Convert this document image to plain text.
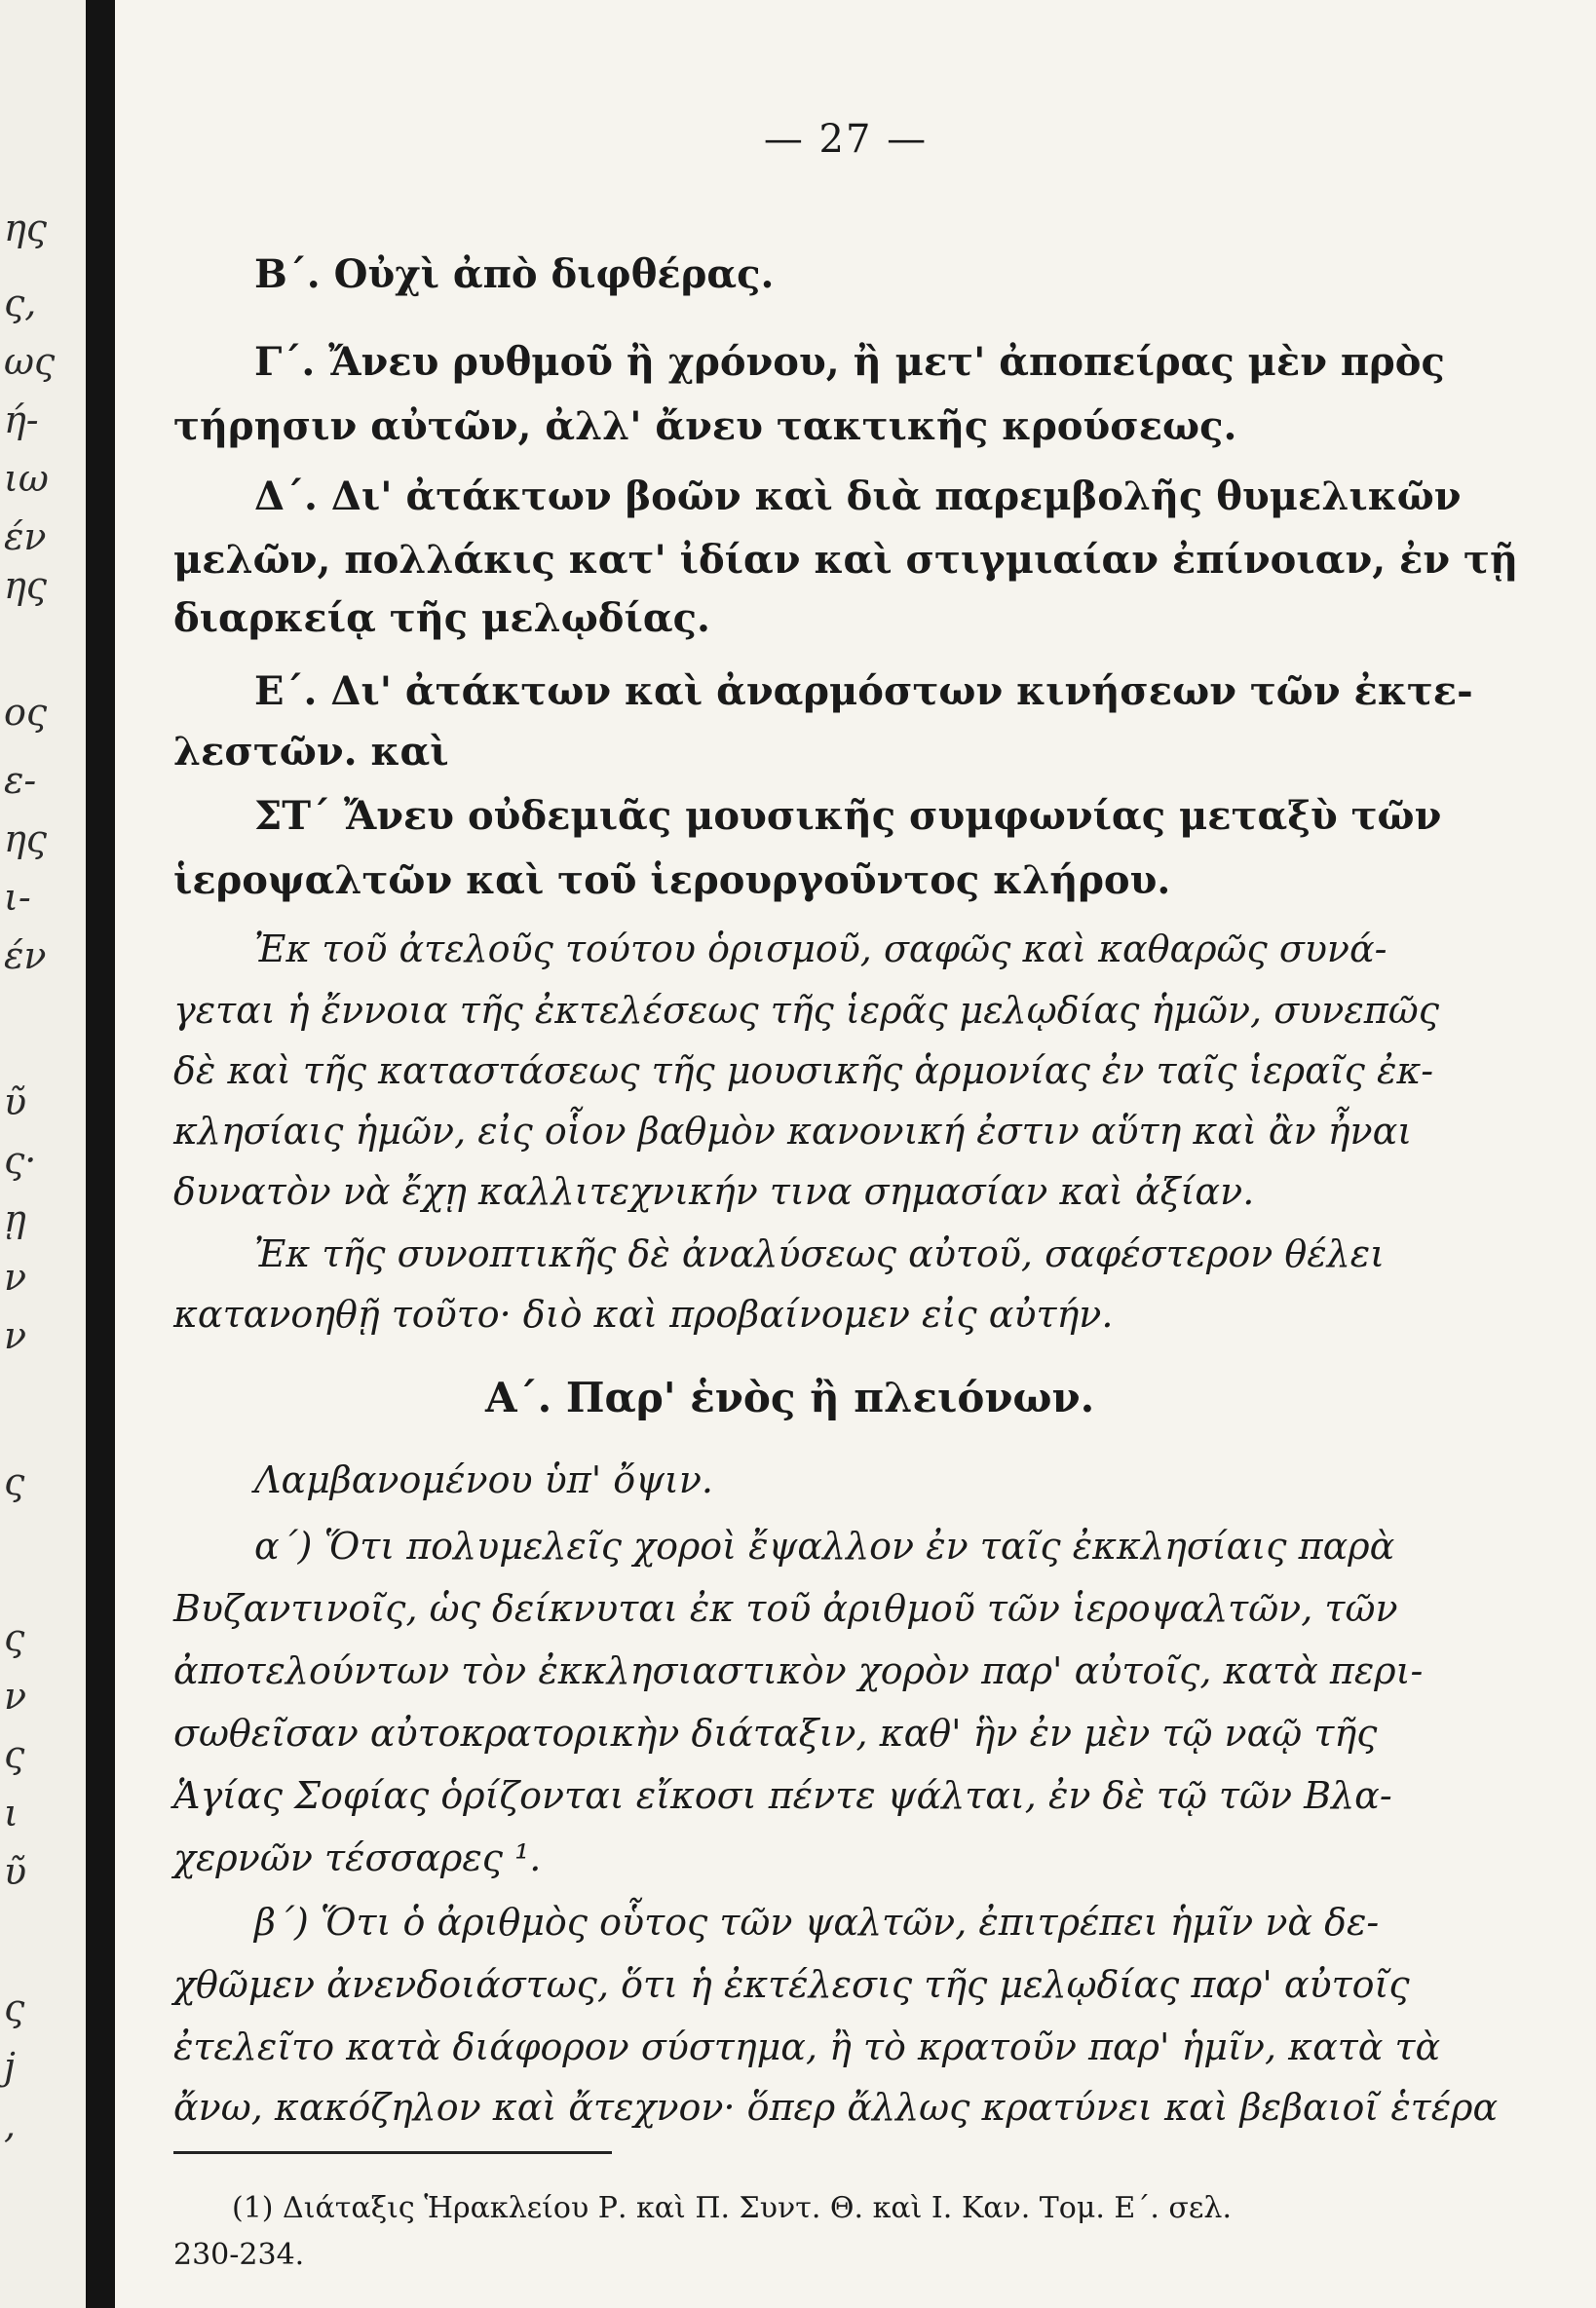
ης
ς,
ως
ή-
ιω
έν
ης
ος
ε-
ης
ι-
έν
ῦ
ς·
ῃ
ν
ν
ς
ς
ν
ς
ι
ῦ
ς
ϳ
,
— 27 —
Β΄. Οὐχὶ ἀπὸ διφθέρας.
Γ΄. Ἄνευ ρυθμοῦ ἢ χρόνου, ἢ μετ' ἀποπείρας μὲν πρὸς
τήρησιν αὐτῶν, ἀλλ' ἄνευ τακτικῆς κρούσεως.
Δ΄. Δι' ἀτάκτων βοῶν καὶ διὰ παρεμβολῆς θυμελικῶν
μελῶν, πολλάκις κατ' ἰδίαν καὶ στιγμιαίαν ἐπίνοιαν, ἐν τῇ
διαρκείᾳ τῆς μελῳδίας.
Ε΄. Δι' ἀτάκτων καὶ ἀναρμόστων κινήσεων τῶν ἐκτε-
λεστῶν. καὶ
ΣΤ΄ Ἄνευ οὐδεμιᾶς μουσικῆς συμφωνίας μεταξὺ τῶν
ἱεροψαλτῶν καὶ τοῦ ἱερουργοῦντος κλήρου.
Ἐκ τοῦ ἀτελοῦς τούτου ὁρισμοῦ, σαφῶς καὶ καθαρῶς συνά-
γεται ἡ ἔννοια τῆς ἐκτελέσεως τῆς ἱερᾶς μελῳδίας ἡμῶν, συνεπῶς
δὲ καὶ τῆς καταστάσεως τῆς μουσικῆς ἁρμονίας ἐν ταῖς ἱεραῖς ἐκ-
κλησίαις ἡμῶν, εἰς οἷον βαθμὸν κανονική ἐστιν αὕτη καὶ ἂν ἦναι
δυνατὸν νὰ ἔχῃ καλλιτεχνικήν τινα σημασίαν καὶ ἀξίαν.
Ἐκ τῆς συνοπτικῆς δὲ ἀναλύσεως αὐτοῦ, σαφέστερον θέλει
κατανοηθῇ τοῦτο· διὸ καὶ προβαίνομεν εἰς αὐτήν.
Α΄. Παρ' ἑνὸς ἢ πλειόνων.
Λαμβανομένου ὑπ' ὄψιν.
α΄) Ὅτι πολυμελεῖς χοροὶ ἔψαλλον ἐν ταῖς ἐκκλησίαις παρὰ
Βυζαντινοῖς, ὡς δείκνυται ἐκ τοῦ ἀριθμοῦ τῶν ἱεροψαλτῶν, τῶν
ἀποτελούντων τὸν ἐκκλησιαστικὸν χορὸν παρ' αὐτοῖς, κατὰ περι-
σωθεῖσαν αὐτοκρατορικὴν διάταξιν, καθ' ἣν ἐν μὲν τῷ ναῷ τῆς
Ἁγίας Σοφίας ὁρίζονται εἴκοσι πέντε ψάλται, ἐν δὲ τῷ τῶν Βλα-
χερνῶν τέσσαρες ¹.
β΄) Ὅτι ὁ ἀριθμὸς οὗτος τῶν ψαλτῶν, ἐπιτρέπει ἡμῖν νὰ δε-
χθῶμεν ἀνενδοιάστως, ὅτι ἡ ἐκτέλεσις τῆς μελῳδίας παρ' αὐτοῖς
ἐτελεῖτο κατὰ διάφορον σύστημα, ἢ τὸ κρατοῦν παρ' ἡμῖν, κατὰ τὰ
ἄνω, κακόζηλον καὶ ἄτεχνον· ὅπερ ἄλλως κρατύνει καὶ βεβαιοῖ ἑτέρα
(1) Διάταξις Ἡρακλείου Ρ. καὶ Π. Συντ. Θ. καὶ Ι. Καν. Τομ. Ε΄. σελ.
230-234.
